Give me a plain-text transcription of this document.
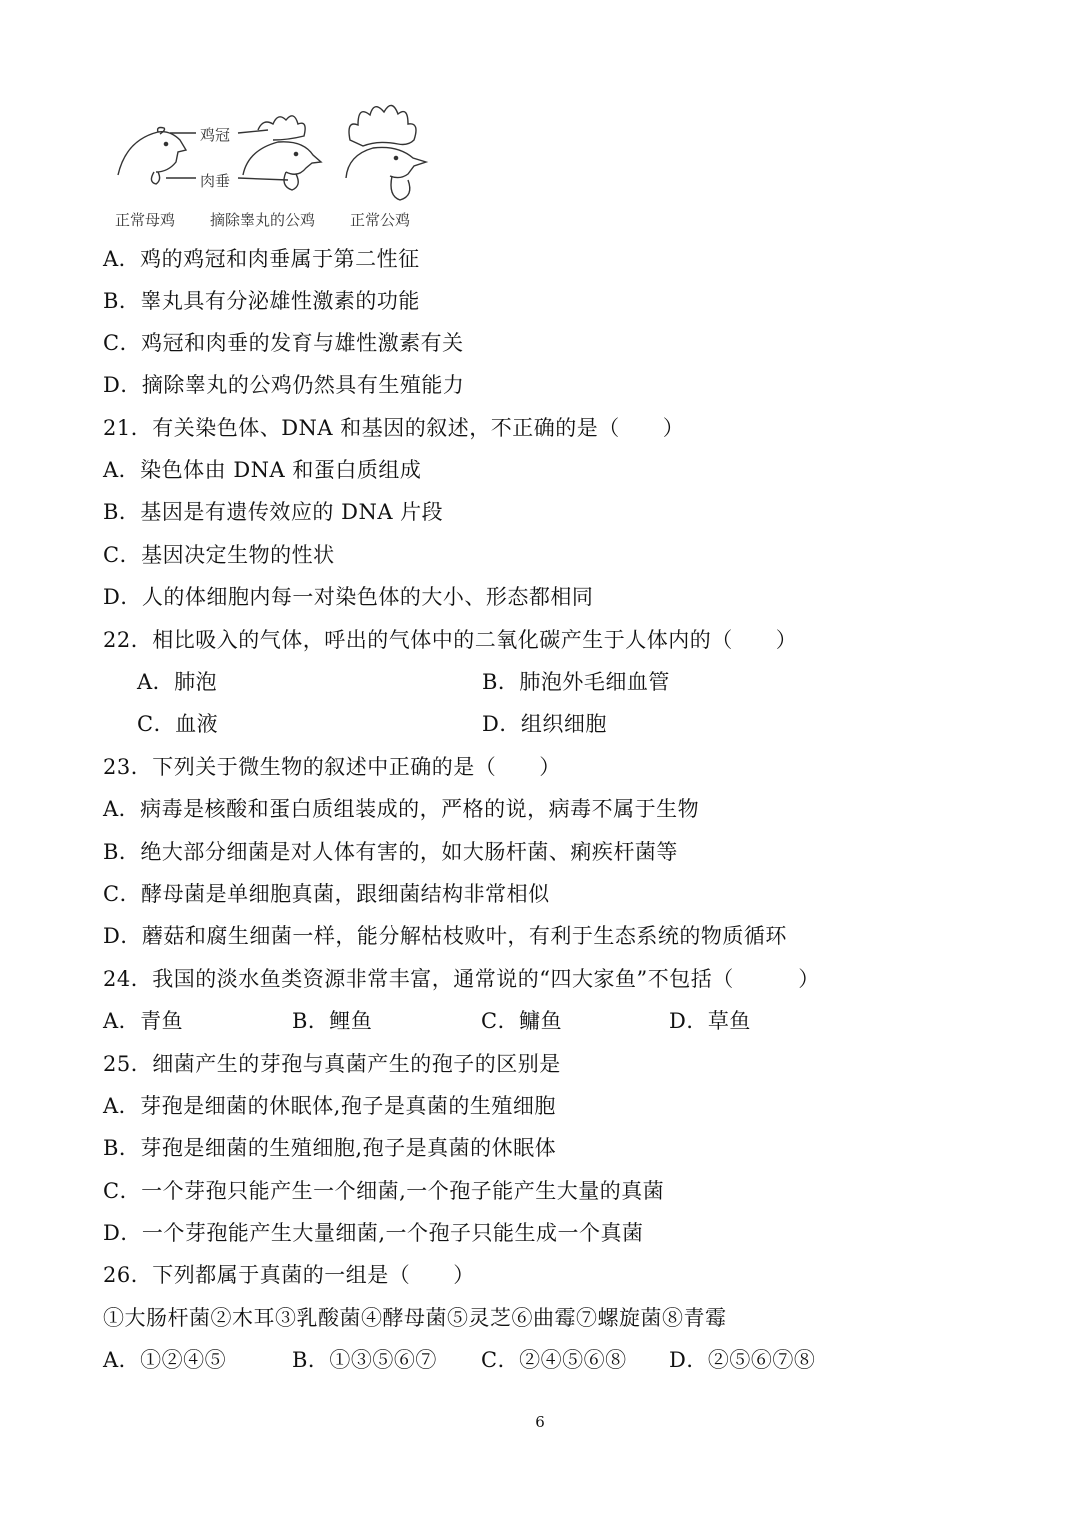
鸡冠
肉垂
正常母鸡 摘除睾丸的公鸡 正常公鸡
A．鸡的鸡冠和肉垂属于第二性征
B．睾丸具有分泌雄性激素的功能
C．鸡冠和肉垂的发育与雄性激素有关
D．摘除睾丸的公鸡仍然具有生殖能力
21．有关染色体、DNA 和基因的叙述，不正确的是（　　）
A．染色体由 DNA 和蛋白质组成
B．基因是有遗传效应的 DNA 片段
C．基因决定生物的性状
D．人的体细胞内每一对染色体的大小、形态都相同
22．相比吸入的气体，呼出的气体中的二氧化碳产生于人体内的（　　）
A．肺泡	B．肺泡外毛细血管
C．血液	D．组织细胞
23．下列关于微生物的叙述中正确的是（　　）
A．病毒是核酸和蛋白质组装成的，严格的说，病毒不属于生物
B．绝大部分细菌是对人体有害的，如大肠杆菌、痢疾杆菌等
C．酵母菌是单细胞真菌，跟细菌结构非常相似
D．蘑菇和腐生细菌一样，能分解枯枝败叶，有利于生态系统的物质循环
24．我国的淡水鱼类资源非常丰富，通常说的“四大家鱼”不包括（　　　）
A．青鱼	B．鲤鱼	C．鳙鱼	D．草鱼
25．细菌产生的芽孢与真菌产生的孢子的区别是
A．芽孢是细菌的休眠体,孢子是真菌的生殖细胞
B．芽孢是细菌的生殖细胞,孢子是真菌的休眠体
C．一个芽孢只能产生一个细菌,一个孢子能产生大量的真菌
D．一个芽孢能产生大量细菌,一个孢子只能生成一个真菌
26．下列都属于真菌的一组是（　　）
①大肠杆菌②木耳③乳酸菌④酵母菌⑤灵芝⑥曲霉⑦螺旋菌⑧青霉
A．①②④⑤	B．①③⑤⑥⑦ C．②④⑤⑥⑧ D．②⑤⑥⑦⑧
6
